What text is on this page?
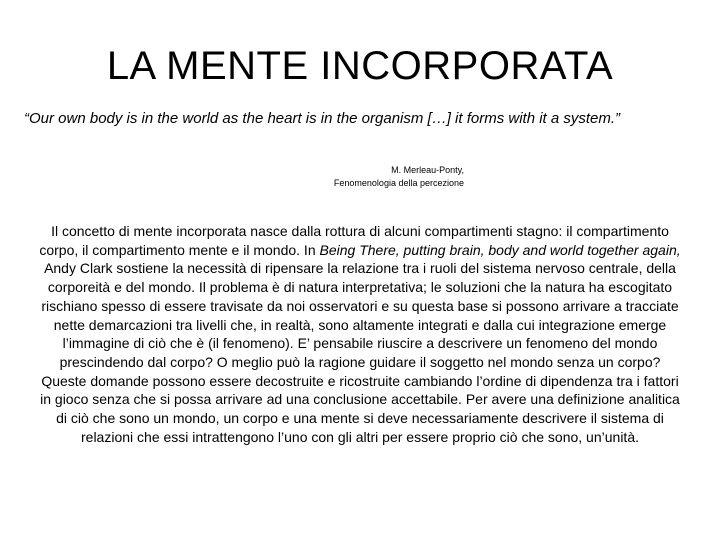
LA MENTE INCORPORATA
“Our own body is in the world as the heart is in the organism […] it forms with it a system.”
M. Merleau-Ponty,
Fenomenologia della percezione
Il concetto di mente incorporata nasce dalla rottura di alcuni compartimenti stagno: il compartimento corpo, il compartimento mente e il mondo. In Being There, putting brain, body and world together again, Andy Clark sostiene la necessità di ripensare la relazione tra i ruoli del sistema nervoso centrale, della corporeità e del mondo. Il problema è di natura interpretativa; le soluzioni che la natura ha escogitato rischiano spesso di essere travisate da noi osservatori e su questa base si possono arrivare a tracciate nette demarcazioni tra livelli che, in realtà, sono altamente integrati e dalla cui integrazione emerge l’immagine di ciò che è (il fenomeno). E’ pensabile riuscire a descrivere un fenomeno del mondo prescindendo dal corpo? O meglio può la ragione guidare il soggetto nel mondo senza un corpo? Queste domande possono essere decostruite e ricostruite cambiando l’ordine di dipendenza tra i fattori in gioco senza che si possa arrivare ad una conclusione accettabile. Per avere una definizione analitica di ciò che sono un mondo, un corpo e una mente si deve necessariamente descrivere il sistema di relazioni che essi intrattengono l’uno con gli altri per essere proprio ciò che sono, un’unità.
